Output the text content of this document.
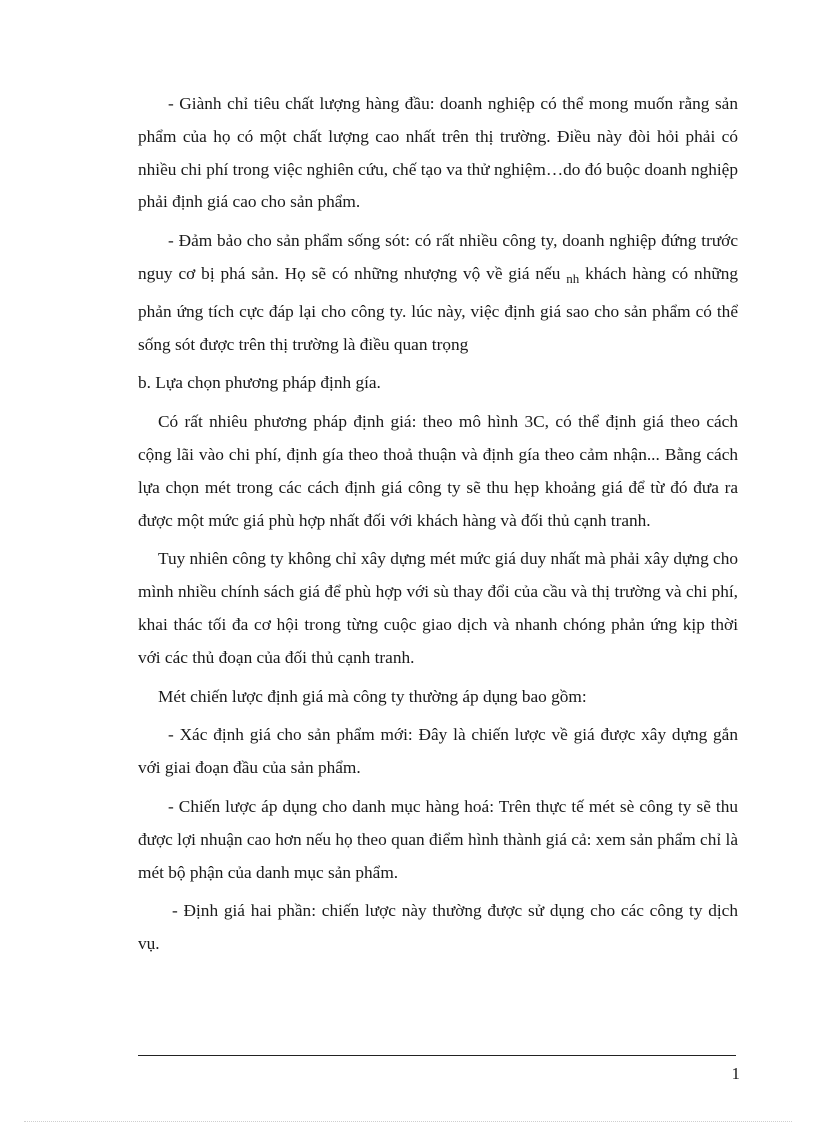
- Giành chỉ tiêu chất lượng hàng đầu: doanh nghiệp có thể mong muốn rằng sản phẩm của họ có một chất lượng cao nhất trên thị trường. Điều này đòi hỏi phải có nhiều chi phí trong việc nghiên cứu, chế tạo va thử nghiệm…do đó buộc doanh nghiệp phải định giá cao cho sản phẩm.

- Đảm bảo cho sản phẩm sống sót: có rất nhiều công ty, doanh nghiệp đứng trước nguy cơ bị phá sản. Họ sẽ có những nhượng vộ về giá nếu $_{nh}$ khách hàng có những phản ứng tích cực đáp lại cho công ty. lúc này, việc định giá sao cho sản phẩm có thể sống sót được trên thị trường là điều quan trọng

b. Lựa chọn phương pháp định gía.

Có rất nhiêu phương pháp định giá: theo mô hình 3C, có thể định giá theo cách cộng lãi vào chi phí, định gía theo thoả thuận và định gía theo cảm nhận... Bằng cách lựa chọn mét trong các cách định giá công ty sẽ thu hẹp khoảng giá để từ đó đưa ra được một mức giá phù hợp nhất đối với khách hàng và đối thủ cạnh tranh.

Tuy nhiên công ty không chỉ xây dựng mét mức giá duy nhất mà phải xây dựng cho mình nhiều chính sách giá để phù hợp với sù thay đổi của cầu và thị trường và chi phí, khai thác tối đa cơ hội trong từng cuộc giao dịch và nhanh chóng phản ứng kịp thời với các thủ đoạn của đối thủ cạnh tranh.

Mét chiến lược định giá mà công ty thường áp dụng bao gồm:

- Xác định giá cho sản phẩm mới: Đây là chiến lược về giá được xây dựng gắn với giai đoạn đầu của sản phẩm.

- Chiến lược áp dụng cho danh mục hàng hoá: Trên thực tế mét sè công ty sẽ thu được lợi nhuận cao hơn nếu họ theo quan điểm hình thành giá cả: xem sản phẩm chỉ là mét bộ phận của danh mục sản phẩm.

- Định giá hai phần: chiến lược này thường được sử dụng cho các công ty dịch vụ.

1
